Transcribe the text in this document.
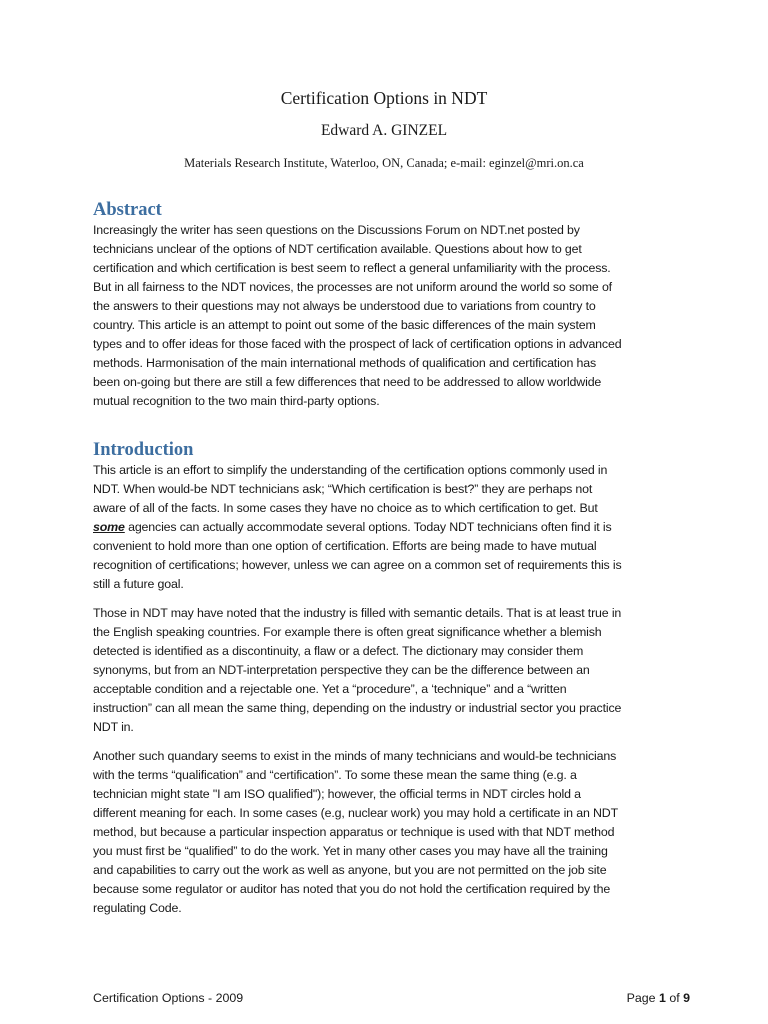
Certification Options in NDT
Edward A. GINZEL
Materials Research Institute, Waterloo, ON, Canada; e-mail: eginzel@mri.on.ca
Abstract
Increasingly the writer has seen questions on the Discussions Forum on NDT.net posted by
technicians unclear of the options of NDT certification available. Questions about how to get
certification and which certification is best seem to reflect a general unfamiliarity with the process.
But in all fairness to the NDT novices, the processes are not uniform around the world so some of
the answers to their questions may not always be understood due to variations from country to
country. This article is an attempt to point out some of the basic differences of the main system
types and to offer ideas for those faced with the prospect of lack of certification options in advanced
methods. Harmonisation of the main international methods of qualification and certification has
been on-going but there are still a few differences that need to be addressed to allow worldwide
mutual recognition to the two main third-party options.
Introduction
This article is an effort to simplify the understanding of the certification options commonly used in
NDT. When would-be NDT technicians ask; “Which certification is best?” they are perhaps not
aware of all of the facts. In some cases they have no choice as to which certification to get. But
some agencies can actually accommodate several options. Today NDT technicians often find it is
convenient to hold more than one option of certification. Efforts are being made to have mutual
recognition of certifications; however, unless we can agree on a common set of requirements this is
still a future goal.
Those in NDT may have noted that the industry is filled with semantic details. That is at least true in
the English speaking countries. For example there is often great significance whether a blemish
detected is identified as a discontinuity, a flaw or a defect. The dictionary may consider them
synonyms, but from an NDT-interpretation perspective they can be the difference between an
acceptable condition and a rejectable one. Yet a “procedure”, a ‘technique” and a “written
instruction” can all mean the same thing, depending on the industry or industrial sector you practice
NDT in.
Another such quandary seems to exist in the minds of many technicians and would-be technicians
with the terms “qualification” and “certification”. To some these mean the same thing (e.g. a
technician might state "I am ISO qualified"); however, the official terms in NDT circles hold a
different meaning for each. In some cases (e.g, nuclear work) you may hold a certificate in an NDT
method, but because a particular inspection apparatus or technique is used with that NDT method
you must first be “qualified” to do the work. Yet in many other cases you may have all the training
and capabilities to carry out the work as well as anyone, but you are not permitted on the job site
because some regulator or auditor has noted that you do not hold the certification required by the
regulating Code.
Certification Options - 2009	Page 1 of 9
